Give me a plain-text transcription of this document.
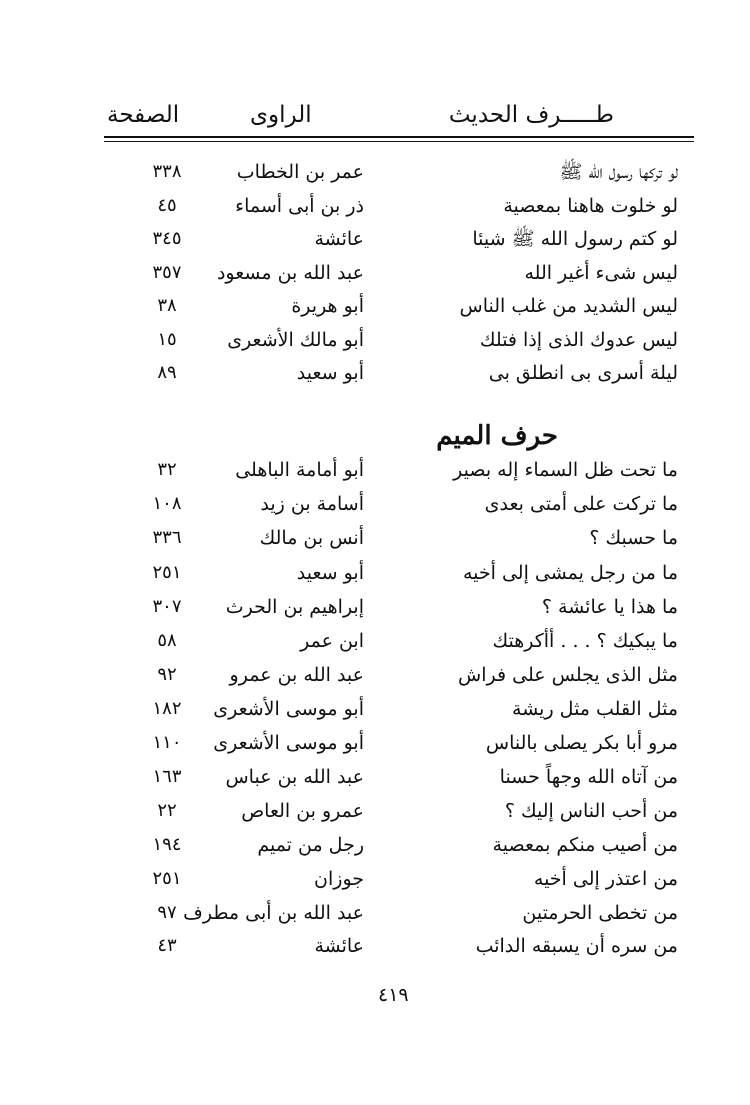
طـــــرف الحديث
الراوى
الصفحة
لو تركها رسول الله ﷺ
عمر بن الخطاب
٣٣٨
لو خلوت هاهنا بمعصية
ذر بن أبى أسماء
٤٥
لو كتم رسول الله ﷺ شيئا
عائشة
٣٤٥
ليس شىء أغير الله
عبد الله بن مسعود
٣٥٧
ليس الشديد من غلب الناس
أبو هريرة
٣٨
ليس عدوك الذى إذا فتلك
أبو مالك الأشعرى
١٥
ليلة أسرى بى انطلق بى
أبو سعيد
٨٩
حرف الميم
ما تحت ظل السماء إله بصير
أبو أمامة الباهلى
٣٢
ما تركت على أمتى بعدى
أسامة بن زيد
١٠٨
ما حسبك ؟
أنس بن مالك
٣٣٦
ما من رجل يمشى إلى أخيه
أبو سعيد
٢٥١
ما هذا يا عائشة ؟
إبراهيم بن الحرث
٣٠٧
ما يبكيك ؟ . . . أأكرهتك
ابن عمر
٥٨
مثل الذى يجلس على فراش
عبد الله بن عمرو
٩٢
مثل القلب مثل ريشة
أبو موسى الأشعرى
١٨٢
مرو أبا بكر يصلى بالناس
أبو موسى الأشعرى
١١٠
من آتاه الله وجهاً حسنا
عبد الله بن عباس
١٦٣
من أحب الناس إليك ؟
عمرو بن العاص
٢٢
من أصيب منكم بمعصية
رجل من تميم
١٩٤
من اعتذر إلى أخيه
جوزان
٢٥١
من تخطى الحرمتين
عبد الله بن أبى مطرف
٩٧
من سره أن يسبقه الدائب
عائشة
٤٣
٤١٩
